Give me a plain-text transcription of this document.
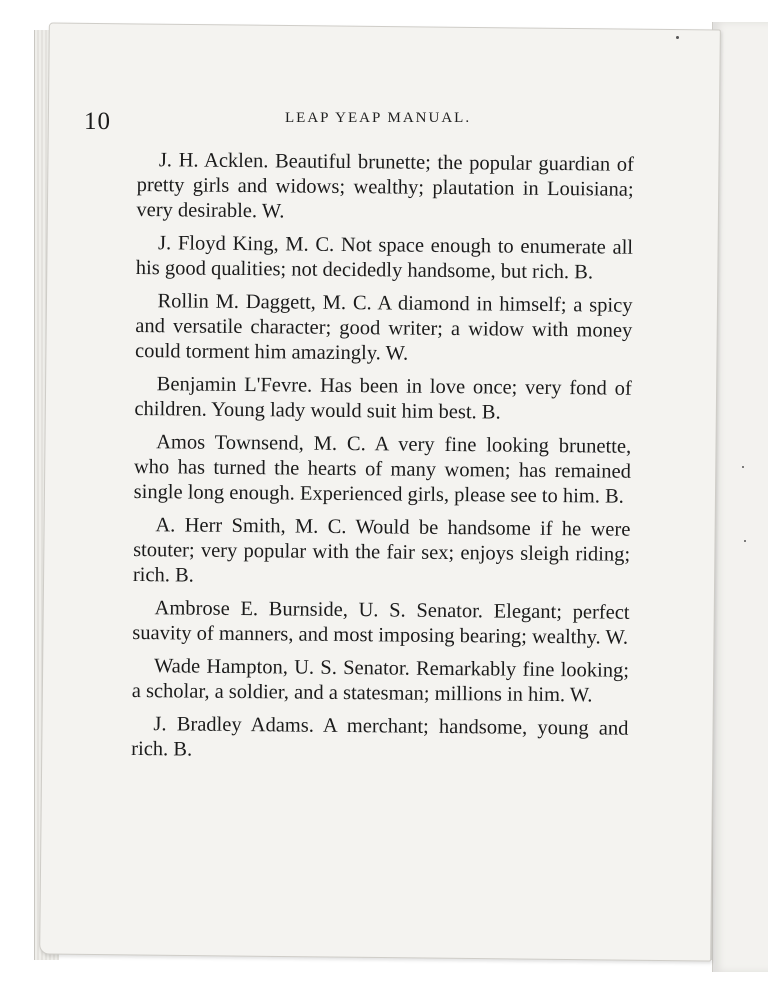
10	LEAP YEAP MANUAL.

J. H. Acklen. Beautiful brunette; the popular guardian of pretty girls and widows; wealthy; plautation in Louisiana; very desirable. W.

J. Floyd King, M. C. Not space enough to enumerate all his good qualities; not decidedly handsome, but rich. B.

Rollin M. Daggett, M. C. A diamond in himself; a spicy and versatile character; good writer; a widow with money could torment him amazingly. W.

Benjamin L'Fevre. Has been in love once; very fond of children. Young lady would suit him best. B.

Amos Townsend, M. C. A very fine looking brunette, who has turned the hearts of many women; has remained single long enough. Experienced girls, please see to him. B.

A. Herr Smith, M. C. Would be handsome if he were stouter; very popular with the fair sex; enjoys sleigh riding; rich. B.

Ambrose E. Burnside, U. S. Senator. Elegant; perfect suavity of manners, and most imposing bearing; wealthy. W.

Wade Hampton, U. S. Senator. Remarkably fine looking; a scholar, a soldier, and a statesman; millions in him. W.

J. Bradley Adams. A merchant; handsome, young and rich. B.
